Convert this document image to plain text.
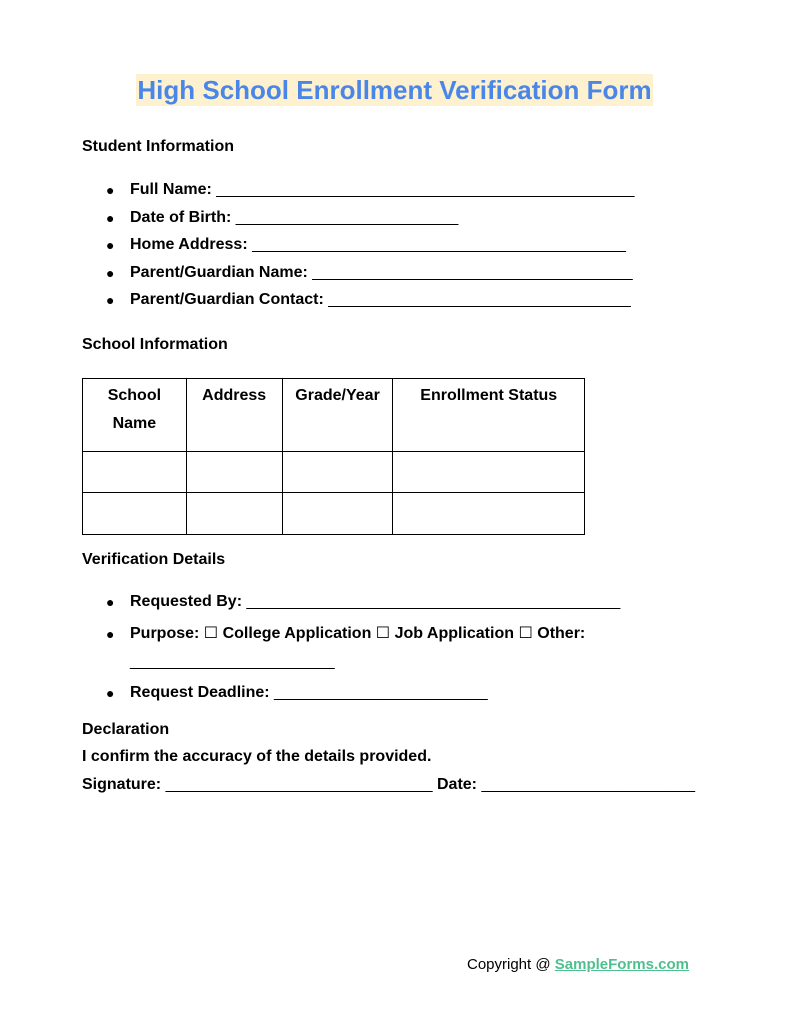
High School Enrollment Verification Form
Student Information
● Full Name: _______________________________________________
● Date of Birth: _________________________
● Home Address: __________________________________________
● Parent/Guardian Name: ____________________________________
● Parent/Guardian Contact: __________________________________
School Information
School
Name	Address	Grade/Year	Enrollment Status

Verification Details
● Requested By: __________________________________________
● Purpose: ☐ College Application ☐ Job Application ☐ Other:
_______________________
● Request Deadline: ________________________
Declaration
I confirm the accuracy of the details provided.
Signature: ______________________________ Date: ________________________
Copyright @ SampleForms.com
